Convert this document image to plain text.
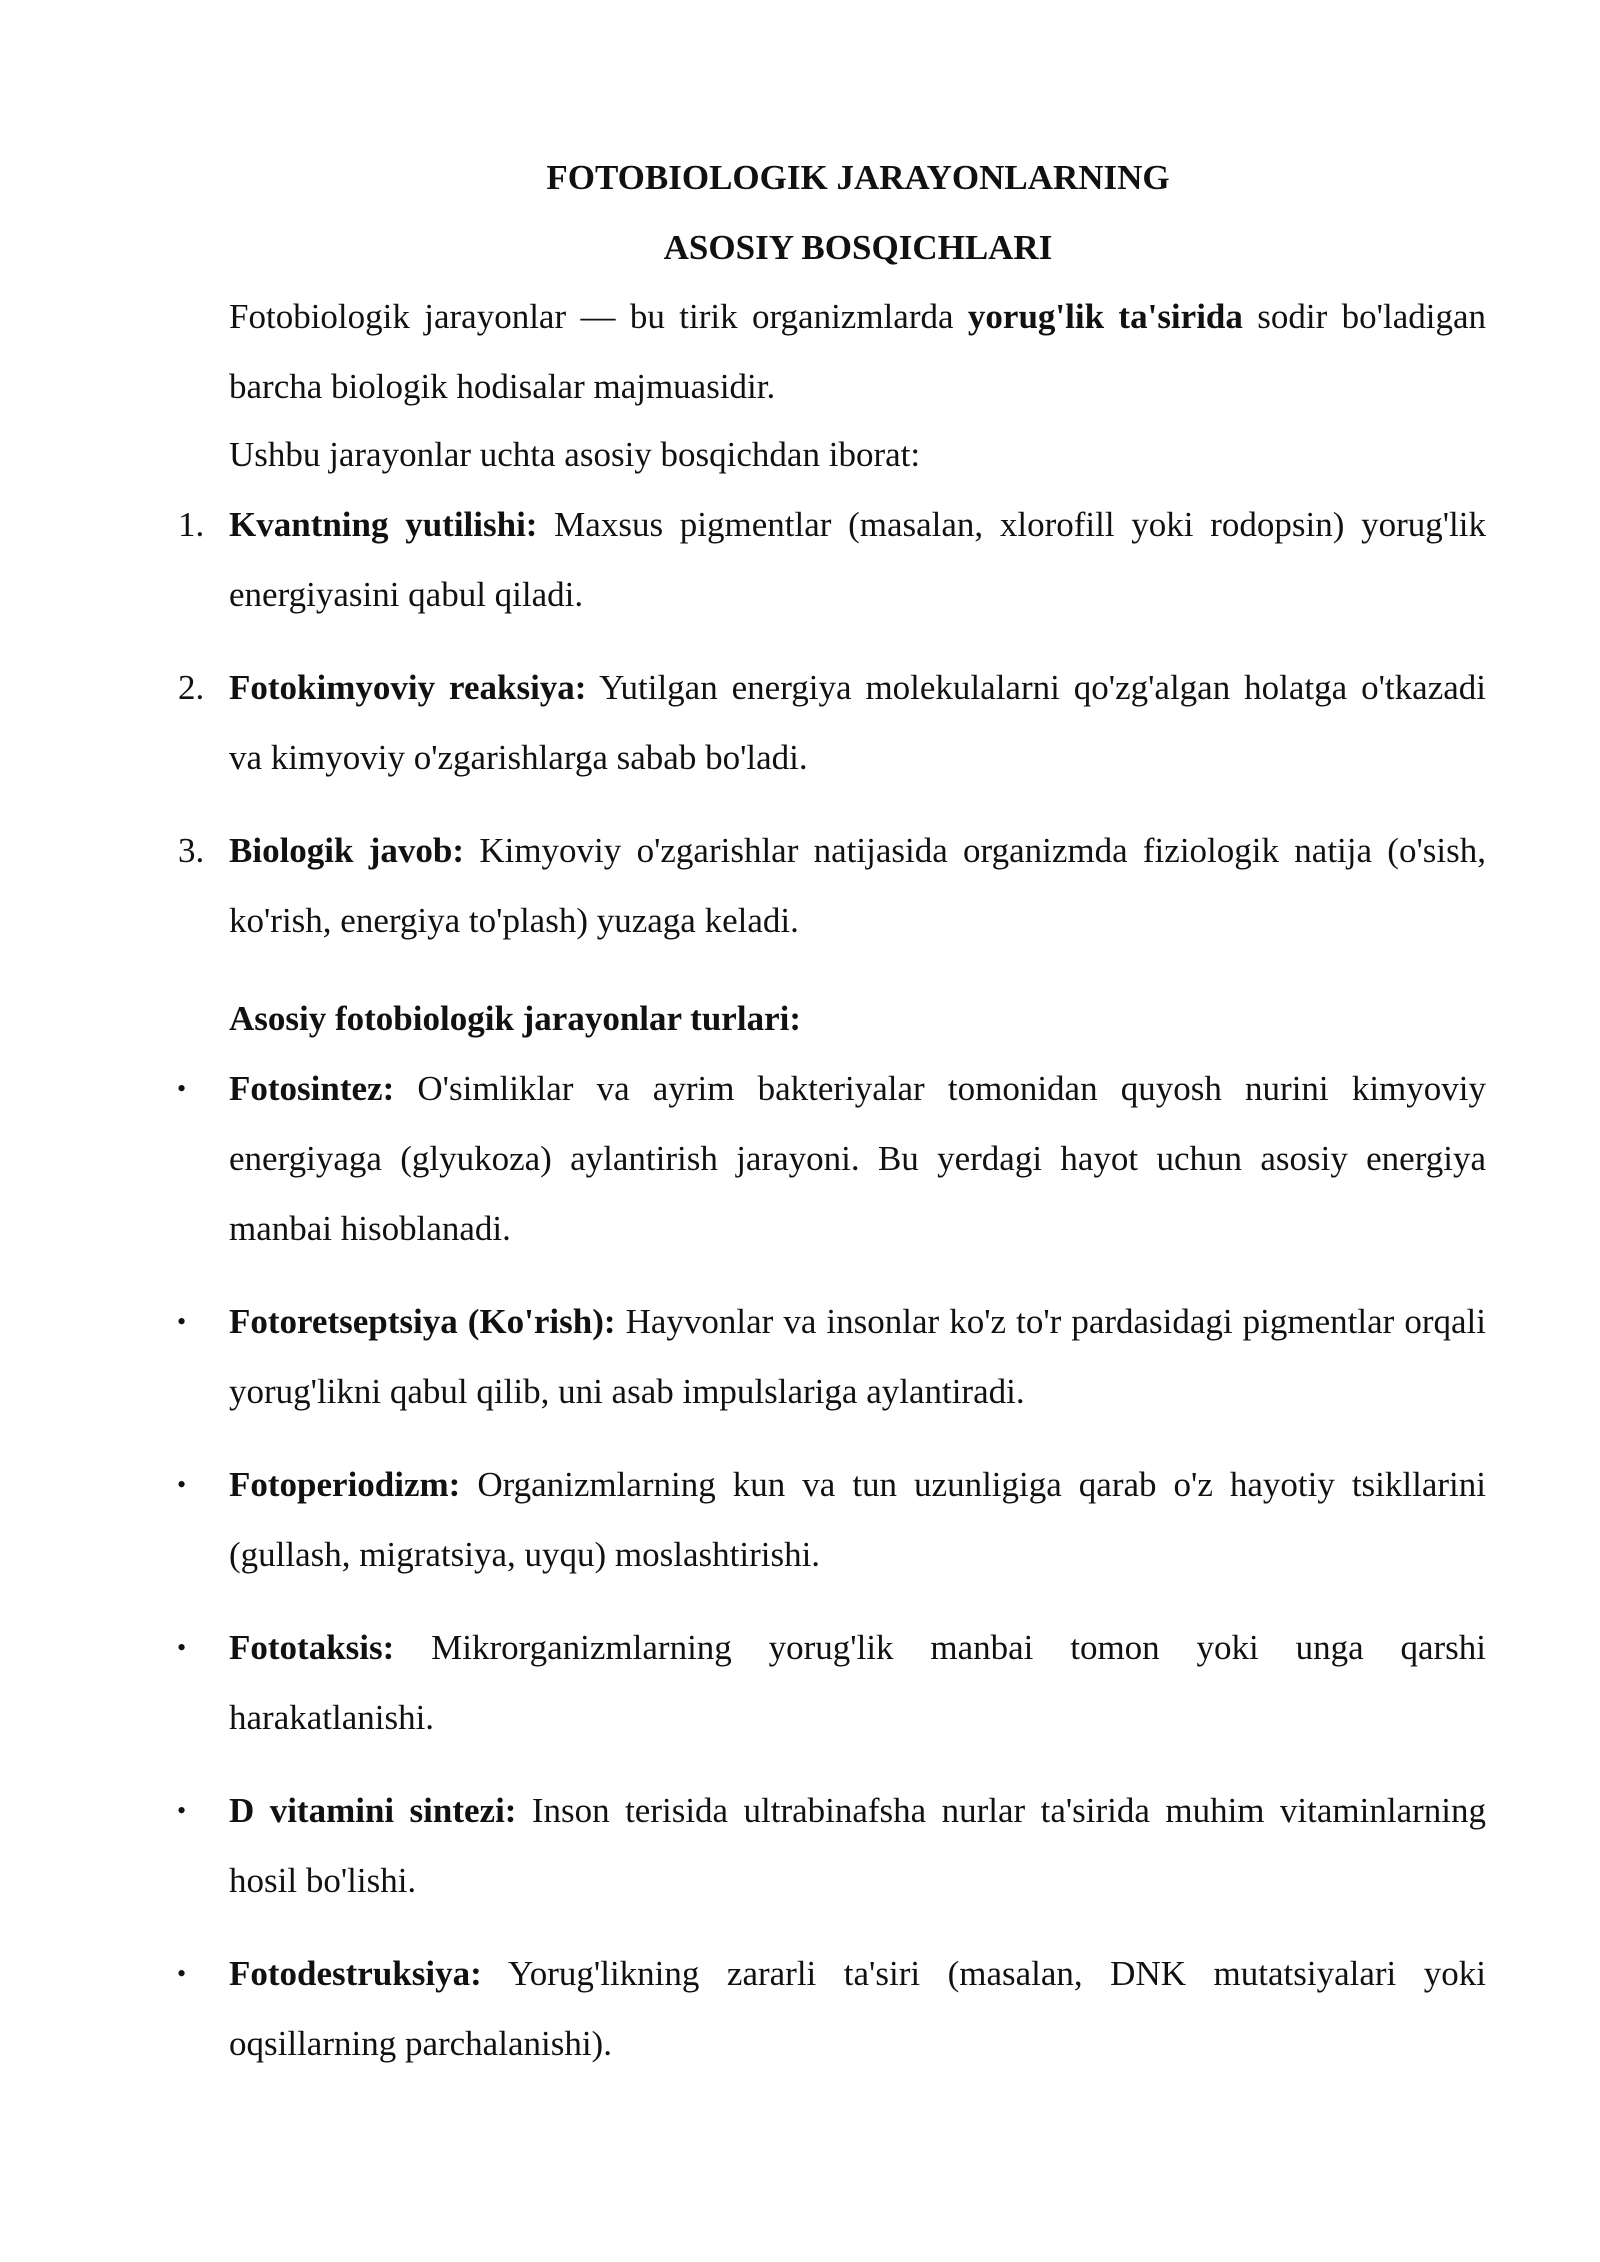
FOTOBIOLOGIK JARAYONLARNING
ASOSIY BOSQICHLARI
Fotobiologik jarayonlar — bu tirik organizmlarda yorug'lik ta'sirida sodir bo'ladigan barcha biologik hodisalar majmuasidir.
Ushbu jarayonlar uchta asosiy bosqichdan iborat:
1. Kvantning yutilishi: Maxsus pigmentlar (masalan, xlorofill yoki rodopsin) yorug'lik energiyasini qabul qiladi.
2. Fotokimyoviy reaksiya: Yutilgan energiya molekulalarni qo'zg'algan holatga o'tkazadi va kimyoviy o'zgarishlarga sabab bo'ladi.
3. Biologik javob: Kimyoviy o'zgarishlar natijasida organizmda fiziologik natija (o'sish, ko'rish, energiya to'plash) yuzaga keladi.
Asosiy fotobiologik jarayonlar turlari:
•	Fotosintez: O'simliklar va ayrim bakteriyalar tomonidan quyosh nurini kimyoviy energiyaga (glyukoza) aylantirish jarayoni. Bu yerdagi hayot uchun asosiy energiya manbai hisoblanadi.
•	Fotoretseptsiya (Ko'rish): Hayvonlar va insonlar ko'z to'r pardasidagi pigmentlar orqali yorug'likni qabul qilib, uni asab impulslariga aylantiradi.
•	Fotoperiodizm: Organizmlarning kun va tun uzunligiga qarab o'z hayotiy tsikllarini (gullash, migratsiya, uyqu) moslashtirishi.
•	Fototaksis: Mikrorganizmlarning yorug'lik manbai tomon yoki unga qarshi harakatlanishi.
•	D vitamini sintezi: Inson terisida ultrabinafsha nurlar ta'sirida muhim vitaminlarning hosil bo'lishi.
•	Fotodestruksiya: Yorug'likning zararli ta'siri (masalan, DNK mutatsiyalari yoki oqsillarning parchalanishi).
